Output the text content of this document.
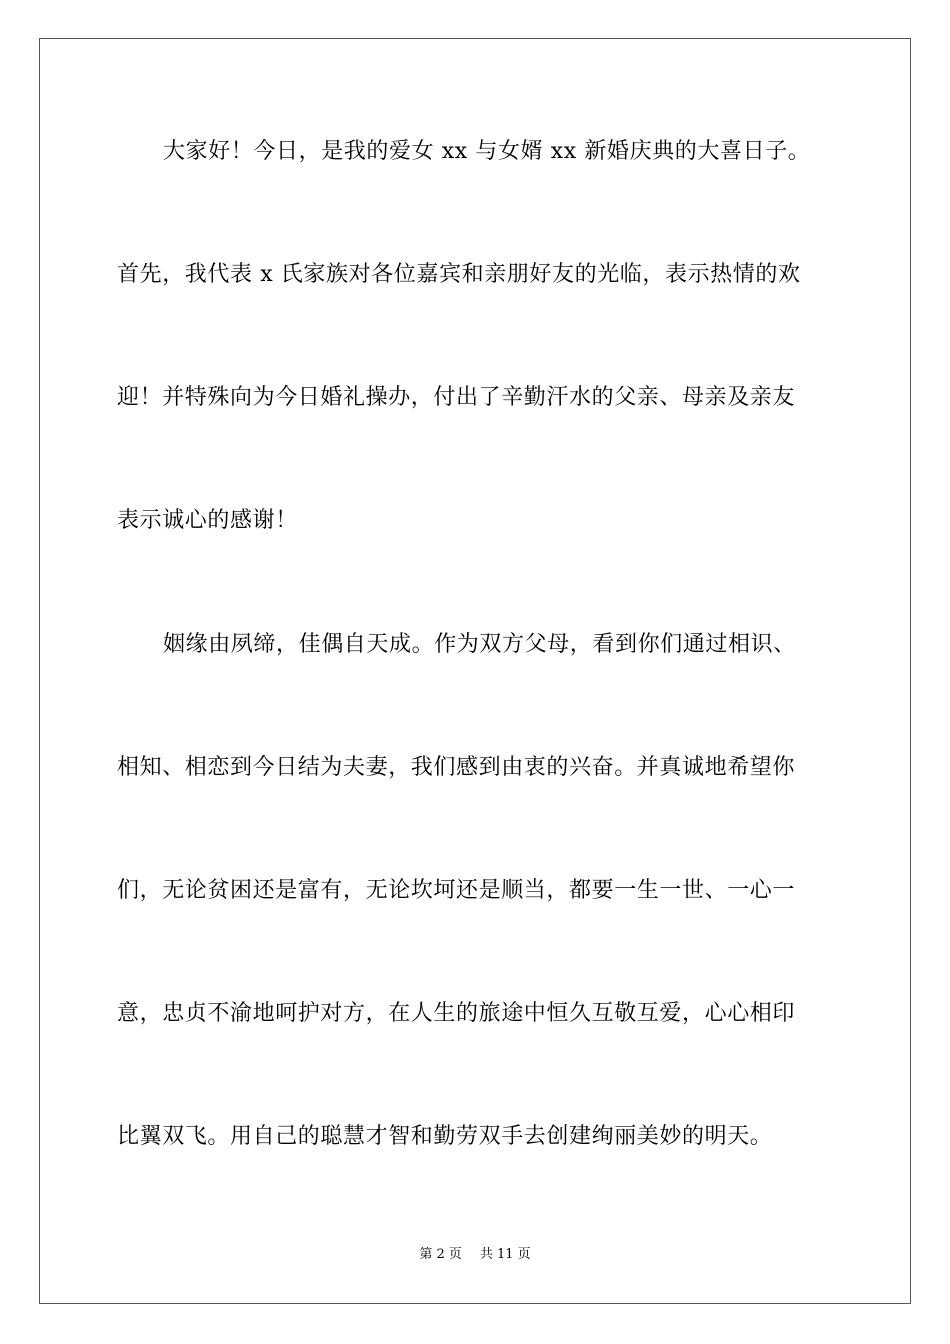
大家好！今日，是我的爱女 xx 与女婿 xx 新婚庆典的大喜日子。
首先，我代表 x 氏家族对各位嘉宾和亲朋好友的光临，表示热情的欢
迎！并特殊向为今日婚礼操办，付出了辛勤汗水的父亲、母亲及亲友
表示诚心的感谢！
姻缘由夙缔，佳偶自天成。作为双方父母，看到你们通过相识、
相知、相恋到今日结为夫妻，我们感到由衷的兴奋。并真诚地希望你
们，无论贫困还是富有，无论坎坷还是顺当，都要一生一世、一心一
意，忠贞不渝地呵护对方，在人生的旅途中恒久互敬互爱，心心相印
比翼双飞。用自己的聪慧才智和勤劳双手去创建绚丽美妙的明天。
第 2 页 共 11 页
